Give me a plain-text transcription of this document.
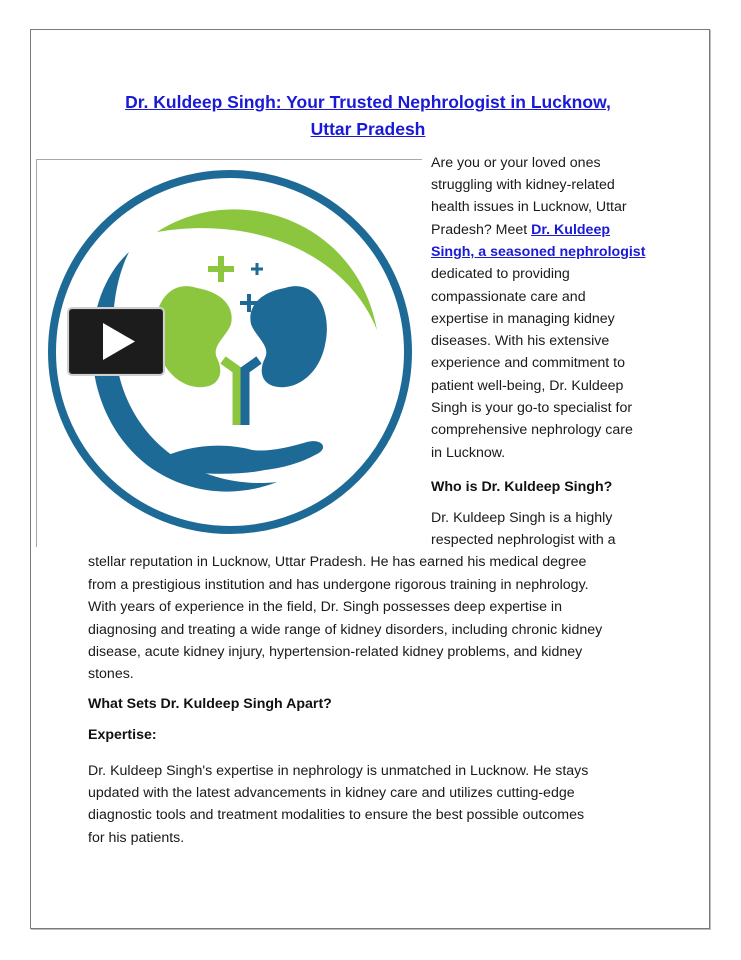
Dr. Kuldeep Singh: Your Trusted Nephrologist in Lucknow,
Uttar Pradesh
Are you or your loved ones
struggling with kidney-related
health issues in Lucknow, Uttar
Pradesh? Meet Dr. Kuldeep
Singh, a seasoned nephrologist
dedicated to providing
compassionate care and
expertise in managing kidney
diseases. With his extensive
experience and commitment to
patient well-being, Dr. Kuldeep
Singh is your go-to specialist for
comprehensive nephrology care
in Lucknow.
Who is Dr. Kuldeep Singh?
Dr. Kuldeep Singh is a highly
respected nephrologist with a
stellar reputation in Lucknow, Uttar Pradesh. He has earned his medical degree
from a prestigious institution and has undergone rigorous training in nephrology.
With years of experience in the field, Dr. Singh possesses deep expertise in
diagnosing and treating a wide range of kidney disorders, including chronic kidney
disease, acute kidney injury, hypertension-related kidney problems, and kidney
stones.
What Sets Dr. Kuldeep Singh Apart?
Expertise:
Dr. Kuldeep Singh's expertise in nephrology is unmatched in Lucknow. He stays
updated with the latest advancements in kidney care and utilizes cutting-edge
diagnostic tools and treatment modalities to ensure the best possible outcomes
for his patients.
